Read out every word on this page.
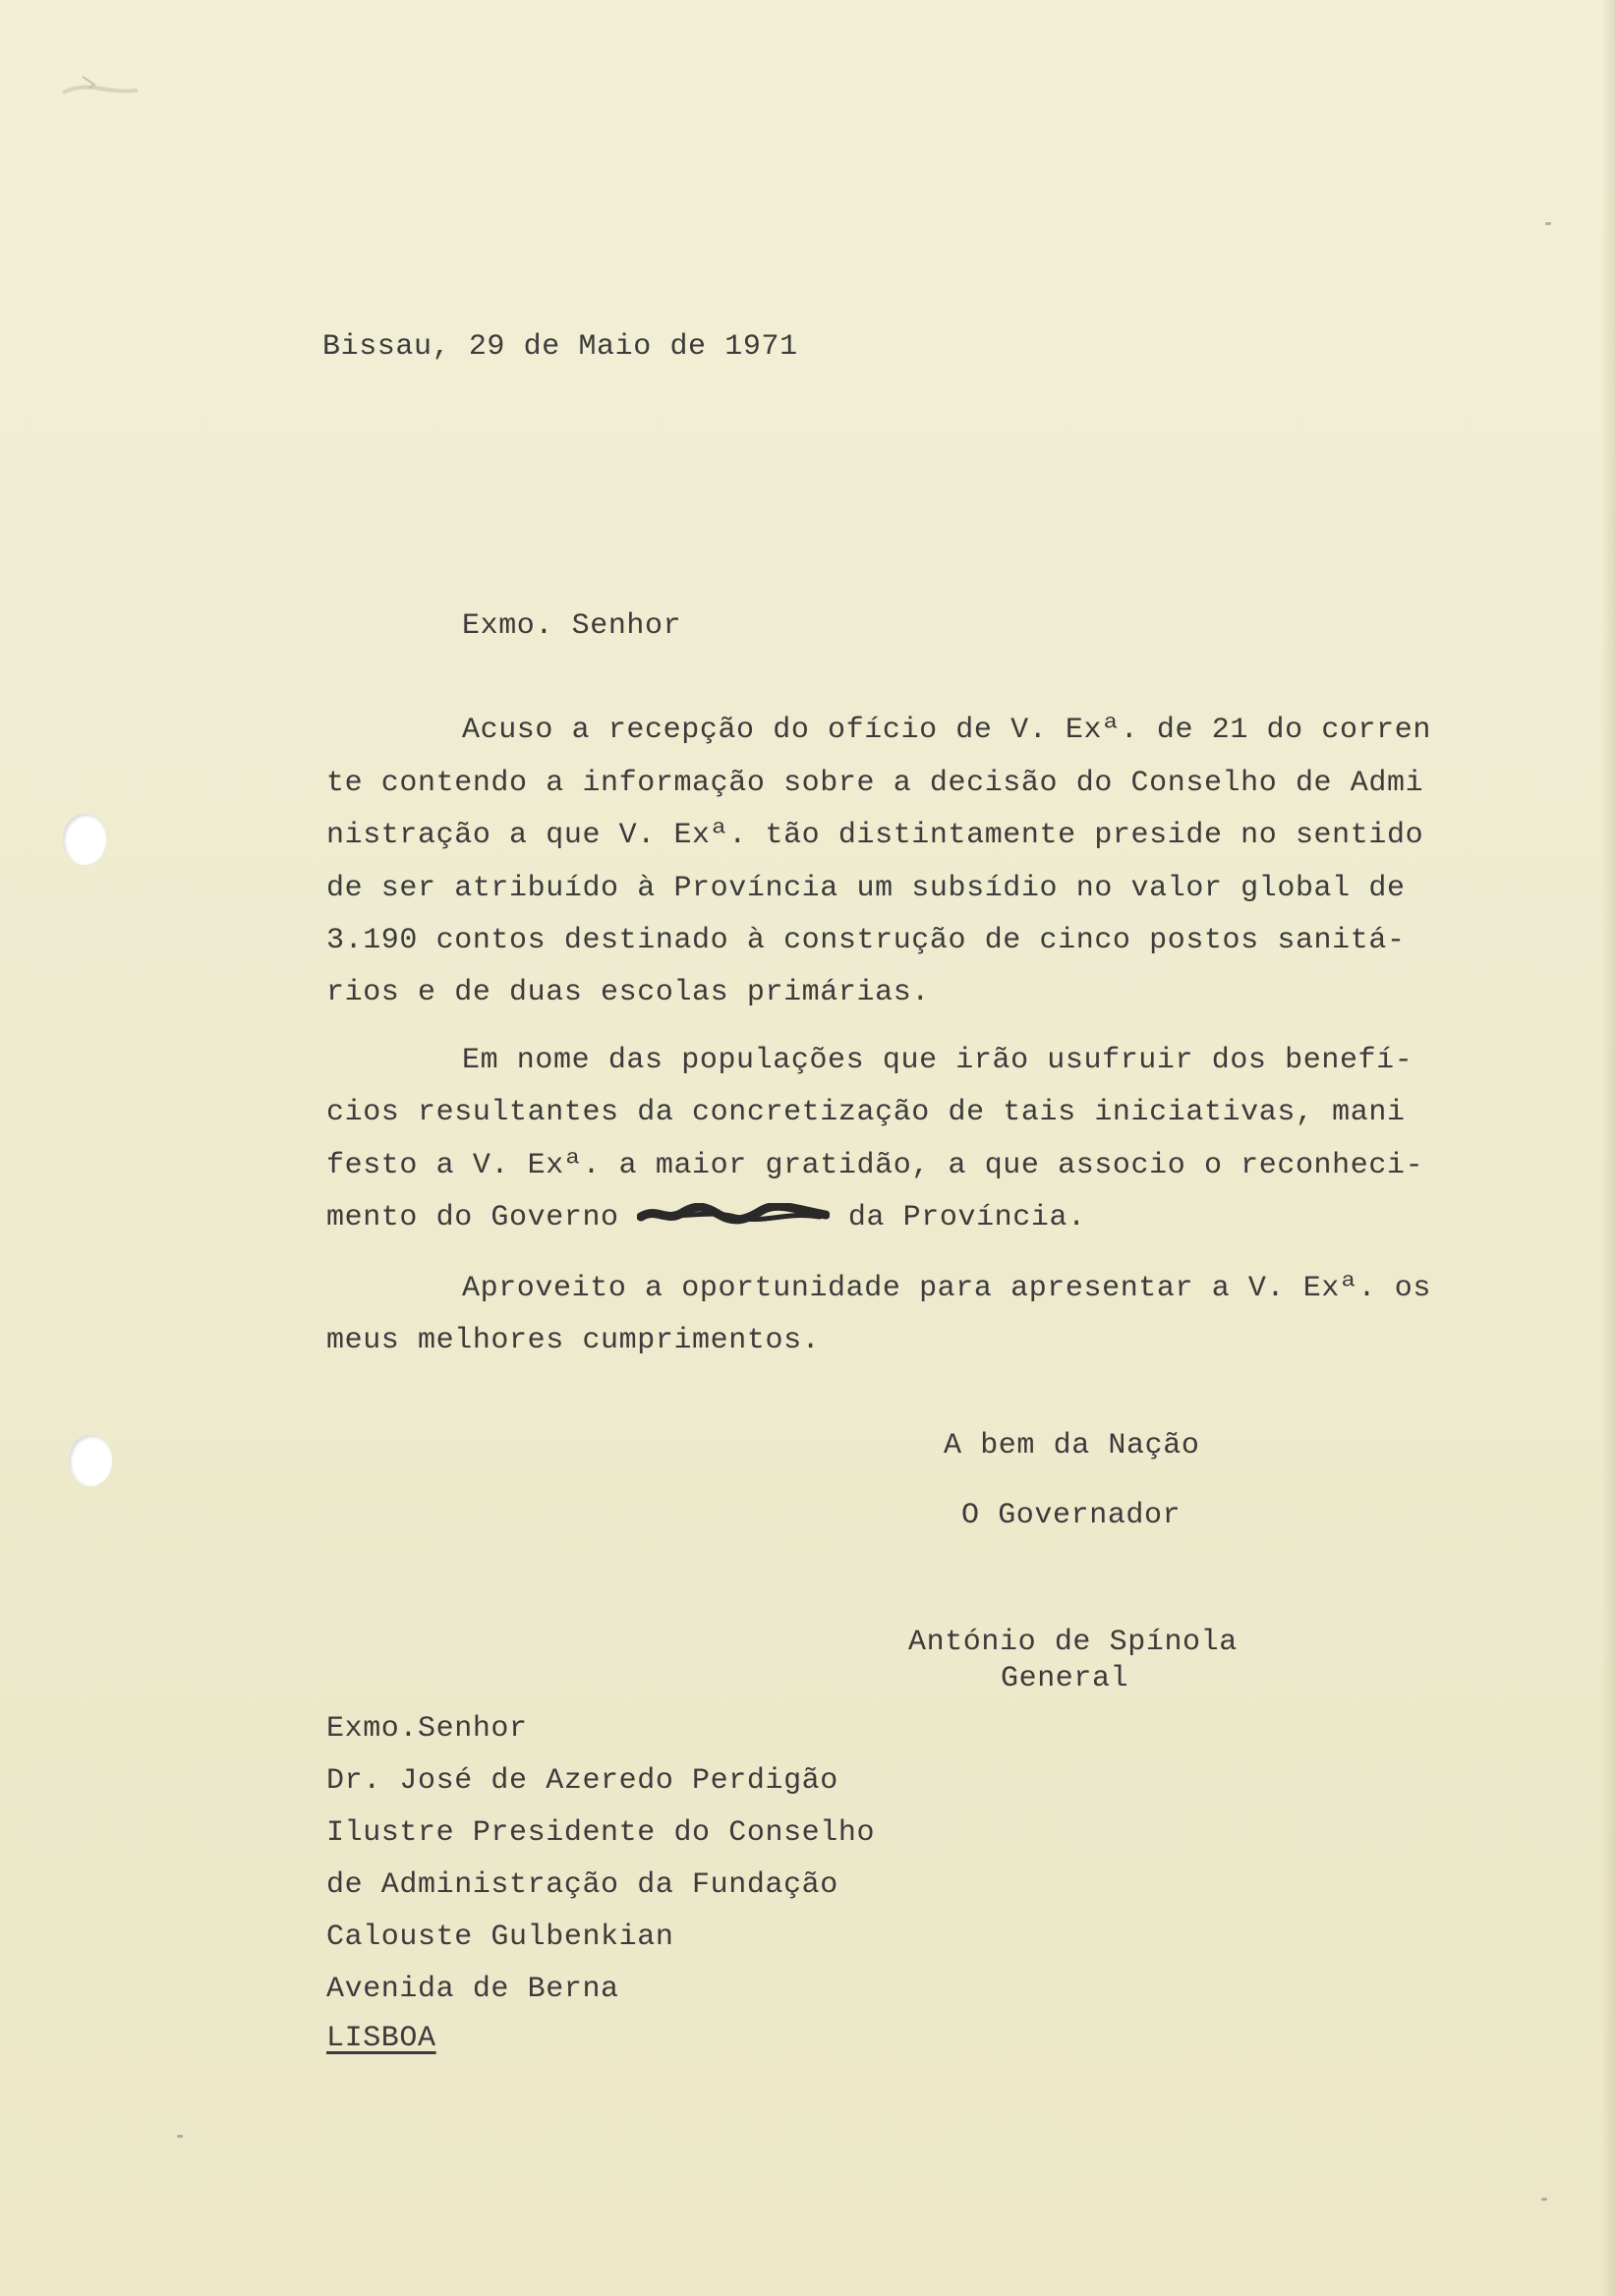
Bissau, 29 de Maio de 1971
Exmo. Senhor
Acuso a recepção do ofício de V. Exª. de 21 do corren
te contendo a informação sobre a decisão do Conselho de Admi
nistração a que V. Exª. tão distintamente preside no sentido
de ser atribuído à Província um subsídio no valor global de
3.190 contos destinado à construção de cinco postos sanitá-
rios e de duas escolas primárias.
Em nome das populações que irão usufruir dos benefí-
cios resultantes da concretização de tais iniciativas, mani
festo a V. Exª. a maior gratidão, a que associo o reconheci-
mento do Governo	da Província.
Aproveito a oportunidade para apresentar a V. Exª. os
meus melhores cumprimentos.
A bem da Nação
O Governador
António de Spínola
General
Exmo.Senhor
Dr. José de Azeredo Perdigão
Ilustre Presidente do Conselho
de Administração da Fundação
Calouste Gulbenkian
Avenida de Berna
LISBOA
